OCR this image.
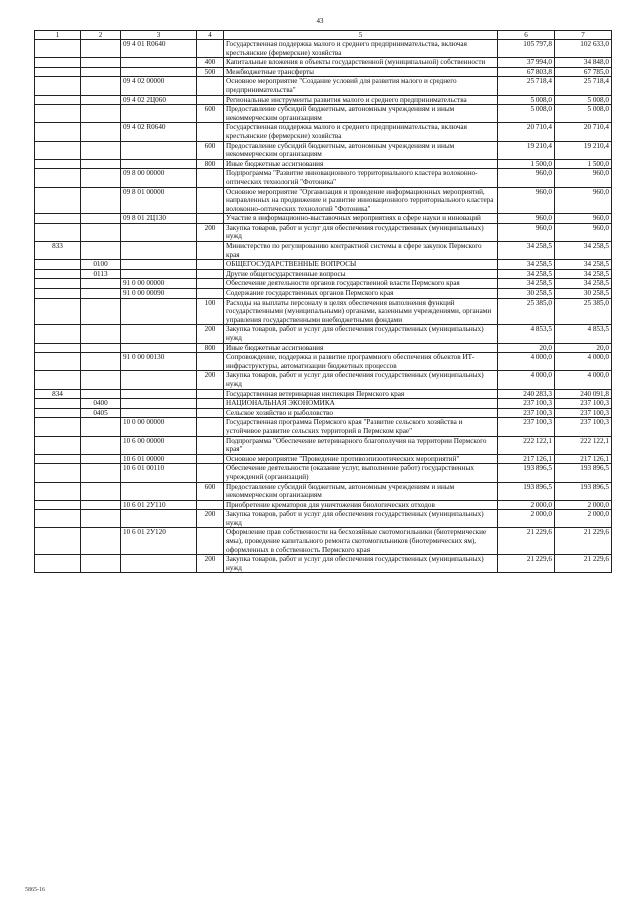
43
1	2	3	4	5	6	7
		09 4 01 R0640		Государственная поддержка малого и среднего предпринимательства, включая крестьянские (фермерские) хозяйства	105 797,8	102 633,0
			400	Капитальные вложения в объекты государственной (муниципальной) собственности	37 994,0	34 848,0
			500	Межбюджетные трансферты	67 803,8	67 785,0
		09 4 02 00000		Основное мероприятие "Создание условий для развития малого и среднего предпринимательства"	25 718,4	25 718,4
		09 4 02 2Ц060		Региональные инструменты развития малого и среднего предпринимательства	5 008,0	5 008,0
			600	Предоставление субсидий бюджетным, автономным учреждениям и иным некоммерческим организациям	5 008,0	5 008,0
		09 4 02 R0640		Государственная поддержка малого и среднего предпринимательства, включая крестьянские (фермерские) хозяйства	20 710,4	20 710,4
			600	Предоставление субсидий бюджетным, автономным учреждениям и иным некоммерческим организациям	19 210,4	19 210,4
			800	Иные бюджетные ассигнования	1 500,0	1 500,0
		09 8 00 00000		Подпрограмма "Развитие инновационного территориального кластера волоконно-оптических технологий "Фотоника"	960,0	960,0
		09 8 01 00000		Основное мероприятие "Организация и проведение информационных мероприятий, направленных на продвижение и развитие инновационного территориального кластера волоконно-оптических технологий "Фотоника"	960,0	960,0
		09 8 01 2Ц130		Участие в информационно-выставочных мероприятиях в сфере науки и инноваций	960,0	960,0
			200	Закупка товаров, работ и услуг для обеспечения государственных (муниципальных) нужд	960,0	960,0
833				Министерство по регулированию контрактной системы в сфере закупок Пермского края	34 258,5	34 258,5
	0100			ОБЩЕГОСУДАРСТВЕННЫЕ ВОПРОСЫ	34 258,5	34 258,5
	0113			Другие общегосударственные вопросы	34 258,5	34 258,5
		91 0 00 00000		Обеспечение деятельности органов государственной власти Пермского края	34 258,5	34 258,5
		91 0 00 00090		Содержание государственных органов Пермского края	30 258,5	30 258,5
			100	Расходы на выплаты персоналу в целях обеспечения выполнения функций государственными (муниципальными) органами, казенными учреждениями, органами управления государственными внебюджетными фондами	25 385,0	25 385,0
			200	Закупка товаров, работ и услуг для обеспечения государственных (муниципальных) нужд	4 853,5	4 853,5
			800	Иные бюджетные ассигнования	20,0	20,0
		91 0 00 00130		Сопровождение, поддержка и развитие программного обеспечения объектов ИТ-инфраструктуры, автоматизации бюджетных процессов	4 000,0	4 000,0
			200	Закупка товаров, работ и услуг для обеспечения государственных (муниципальных) нужд	4 000,0	4 000,0
834				Государственная ветеринарная инспекция Пермского края	240 283,3	240 091,8
	0400			НАЦИОНАЛЬНАЯ ЭКОНОМИКА	237 100,3	237 100,3
	0405			Сельское хозяйство и рыболовство	237 100,3	237 100,3
		10 0 00 00000		Государственная программа Пермского края "Развитие сельского хозяйства и устойчивое развитие сельских территорий в Пермском крае"	237 100,3	237 100,3
		10 6 00 00000		Подпрограмма "Обеспечение ветеринарного благополучия на территории Пермского края"	222 122,1	222 122,1
		10 6 01 00000		Основное мероприятие "Проведение противоэпизоотических мероприятий"	217 126,1	217 126,1
		10 6 01 00110		Обеспечение деятельности (оказание услуг, выполнение работ) государственных учреждений (организаций)	193 896,5	193 896,5
			600	Предоставление субсидий бюджетным, автономным учреждениям и иным некоммерческим организациям	193 896,5	193 896,5
		10 6 01 2У110		Приобретение крематоров для уничтожения биологических отходов	2 000,0	2 000,0
			200	Закупка товаров, работ и услуг для обеспечения государственных (муниципальных) нужд	2 000,0	2 000,0
		10 6 01 2У120		Оформление прав собственности на бесхозяйные скотомогильники (биотермические ямы), проведение капитального ремонта скотомогильников (биотермических ям), оформленных в собственность Пермского края	21 229,6	21 229,6
			200	Закупка товаров, работ и услуг для обеспечения государственных (муниципальных) нужд	21 229,6	21 229,6
5865-16
